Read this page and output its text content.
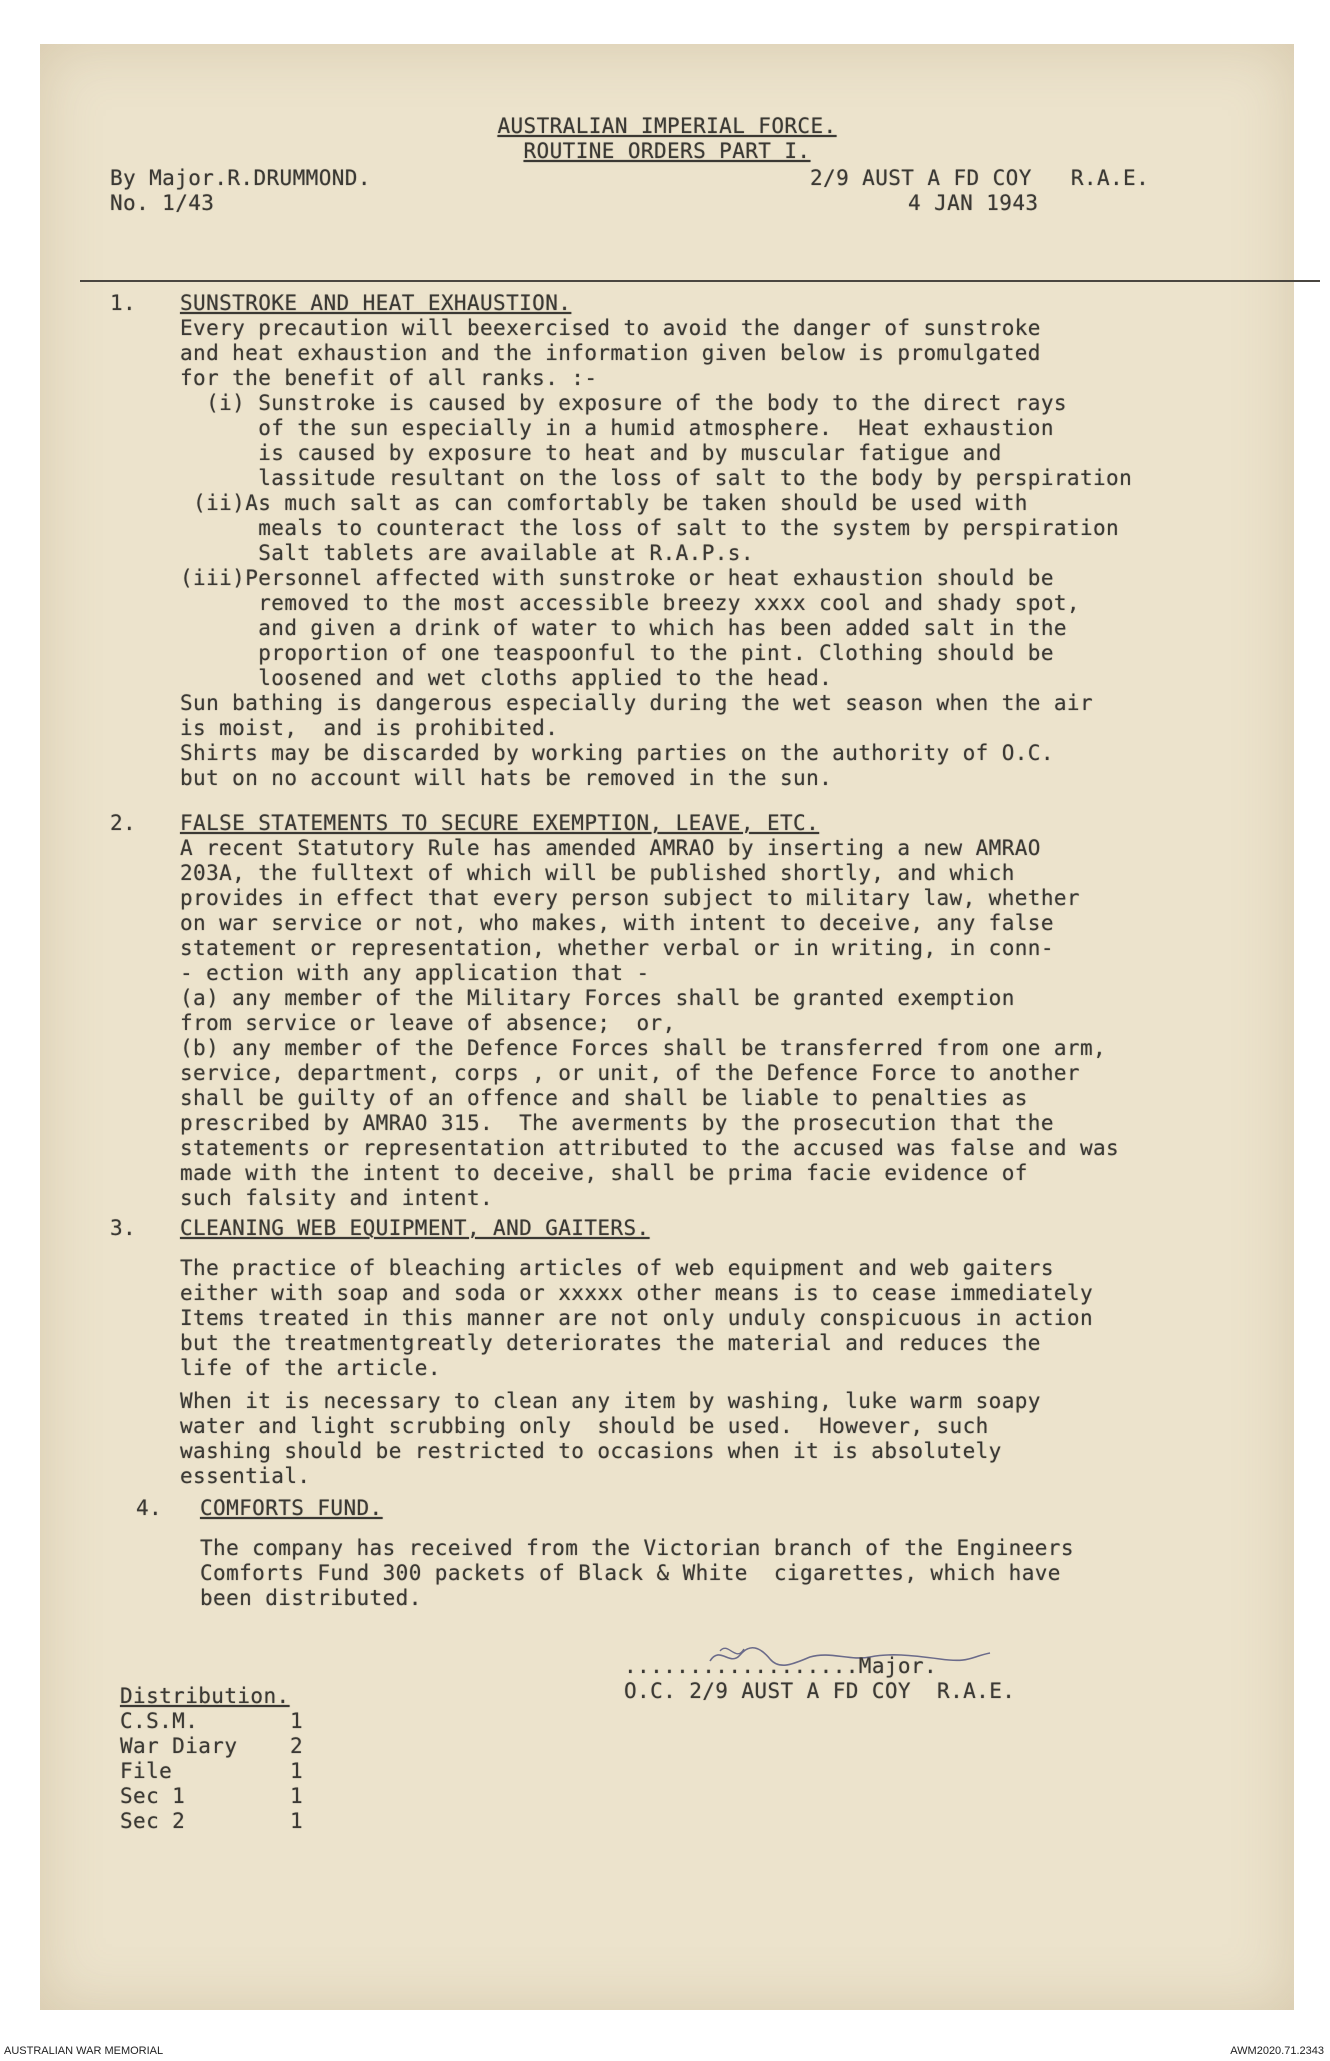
AUSTRALIAN IMPERIAL FORCE.
ROUTINE ORDERS PART I.
By Major.R.DRUMMOND.
No. 1/43
2/9 AUST A FD COY   R.A.E.
4 JAN 1943
1. SUNSTROKE AND HEAT EXHAUSTION.
Every precaution will beexercised to avoid the danger of sunstroke
and heat exhaustion and the information given below is promulgated
for the benefit of all ranks. :-
(i) Sunstroke is caused by exposure of the body to the direct rays
of the sun especially in a humid atmosphere.  Heat exhaustion
is caused by exposure to heat and by muscular fatigue and
lassitude resultant on the loss of salt to the body by perspiration
(ii)As much salt as can comfortably be taken should be used with
meals to counteract the loss of salt to the system by perspiration
Salt tablets are available at R.A.P.s.
(iii)Personnel affected with sunstroke or heat exhaustion should be
removed to the most accessible breezy xxxx cool and shady spot,
and given a drink of water to which has been added salt in the
proportion of one teaspoonful to the pint. Clothing should be
loosened and wet cloths applied to the head.
Sun bathing is dangerous especially during the wet season when the air
is moist,  and is prohibited.
Shirts may be discarded by working parties on the authority of O.C.
but on no account will hats be removed in the sun.
2. FALSE STATEMENTS TO SECURE EXEMPTION, LEAVE, ETC.
A recent Statutory Rule has amended AMRAO by inserting a new AMRAO
203A, the fulltext of which will be published shortly, and which
provides in effect that every person subject to military law, whether
on war service or not, who makes, with intent to deceive, any false
statement or representation, whether verbal or in writing, in conn-
- ection with any application that -
(a) any member of the Military Forces shall be granted exemption
from service or leave of absence;  or,
(b) any member of the Defence Forces shall be transferred from one arm,
service, department, corps , or unit, of the Defence Force to another
shall be guilty of an offence and shall be liable to penalties as
prescribed by AMRAO 315.  The averments by the prosecution that the
statements or representation attributed to the accused was false and was
made with the intent to deceive, shall be prima facie evidence of
such falsity and intent.
3. CLEANING WEB EQUIPMENT, AND GAITERS.
The practice of bleaching articles of web equipment and web gaiters
either with soap and soda or xxxxx other means is to cease immediately
Items treated in this manner are not only unduly conspicuous in action
but the treatmentgreatly deteriorates the material and reduces the
life of the article.
When it is necessary to clean any item by washing, luke warm soapy
water and light scrubbing only  should be used.  However, such
washing should be restricted to occasions when it is absolutely
essential.
4. COMFORTS FUND.
The company has received from the Victorian branch of the Engineers
Comforts Fund 300 packets of Black & White  cigarettes, which have
been distributed.
..................Major.
O.C. 2/9 AUST A FD COY  R.A.E.
Distribution.
C.S.M.	1
War Diary	2
File	1
Sec 1	1
Sec 2	1
AUSTRALIAN WAR MEMORIAL	AWM2020.71.2343
